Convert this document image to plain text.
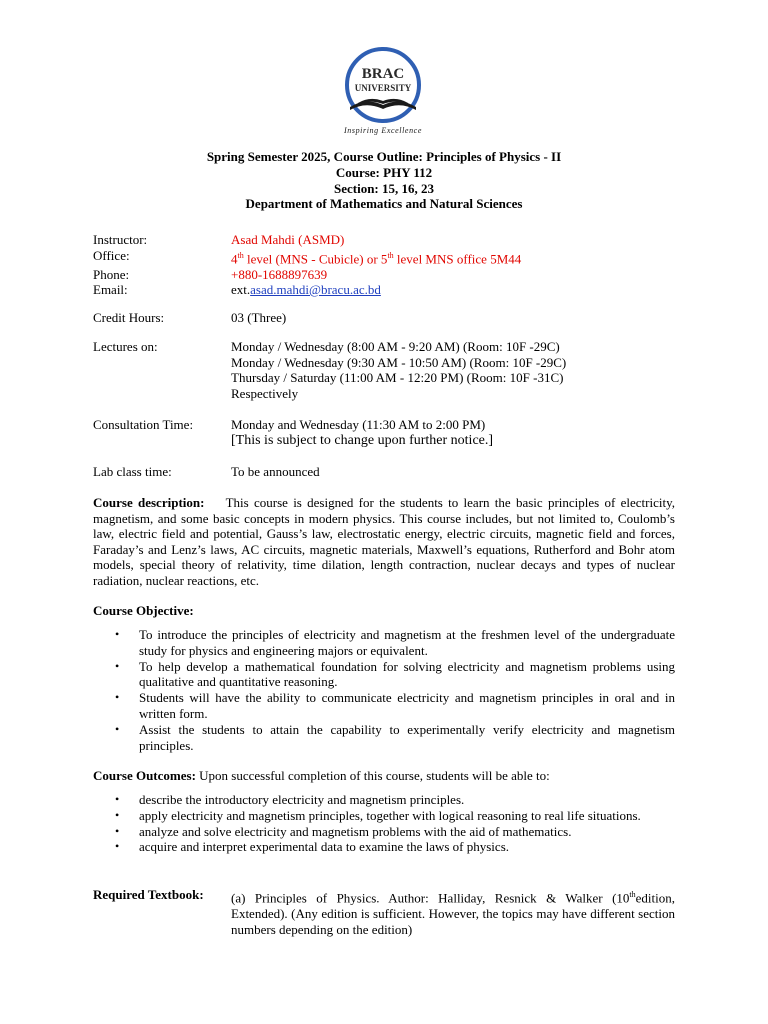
BRAC
UNIVERSITY
Inspiring Excellence
Spring Semester 2025, Course Outline: Principles of Physics - II
Course: PHY 112
Section: 15, 16, 23
Department of Mathematics and Natural Sciences
Instructor:	Asad Mahdi (ASMD)
Office:	4th level (MNS - Cubicle) or 5th level MNS office 5M44
Phone:	+880-1688897639
Email:	ext.asad.mahdi@bracu.ac.bd
Credit Hours:	03 (Three)
Lectures on:	Monday / Wednesday (8:00 AM - 9:20 AM) (Room: 10F -29C)
Monday / Wednesday (9:30 AM - 10:50 AM) (Room: 10F -29C)
Thursday / Saturday (11:00 AM - 12:20 PM) (Room: 10F -31C)
Respectively
Consultation Time:	Monday and Wednesday (11:30 AM to 2:00 PM)
[This is subject to change upon further notice.]
Lab class time:	To be announced
Course description: This course is designed for the students to learn the basic principles of electricity, magnetism, and some basic concepts in modern physics. This course includes, but not limited to, Coulomb’s law, electric field and potential, Gauss’s law, electrostatic energy, electric circuits, magnetic field and forces, Faraday’s and Lenz’s laws, AC circuits, magnetic materials, Maxwell’s equations, Rutherford and Bohr atom models, special theory of relativity, time dilation, length contraction, nuclear decays and types of nuclear radiation, nuclear reactions, etc.
Course Objective:
• To introduce the principles of electricity and magnetism at the freshmen level of the undergraduate study for physics and engineering majors or equivalent.
• To help develop a mathematical foundation for solving electricity and magnetism problems using qualitative and quantitative reasoning.
• Students will have the ability to communicate electricity and magnetism principles in oral and in written form.
• Assist the students to attain the capability to experimentally verify electricity and magnetism principles.
Course Outcomes: Upon successful completion of this course, students will be able to:
• describe the introductory electricity and magnetism principles.
• apply electricity and magnetism principles, together with logical reasoning to real life situations.
• analyze and solve electricity and magnetism problems with the aid of mathematics.
• acquire and interpret experimental data to examine the laws of physics.
Required Textbook:	(a) Principles of Physics. Author: Halliday, Resnick & Walker (10thedition, Extended). (Any edition is sufficient. However, the topics may have different section numbers depending on the edition)
